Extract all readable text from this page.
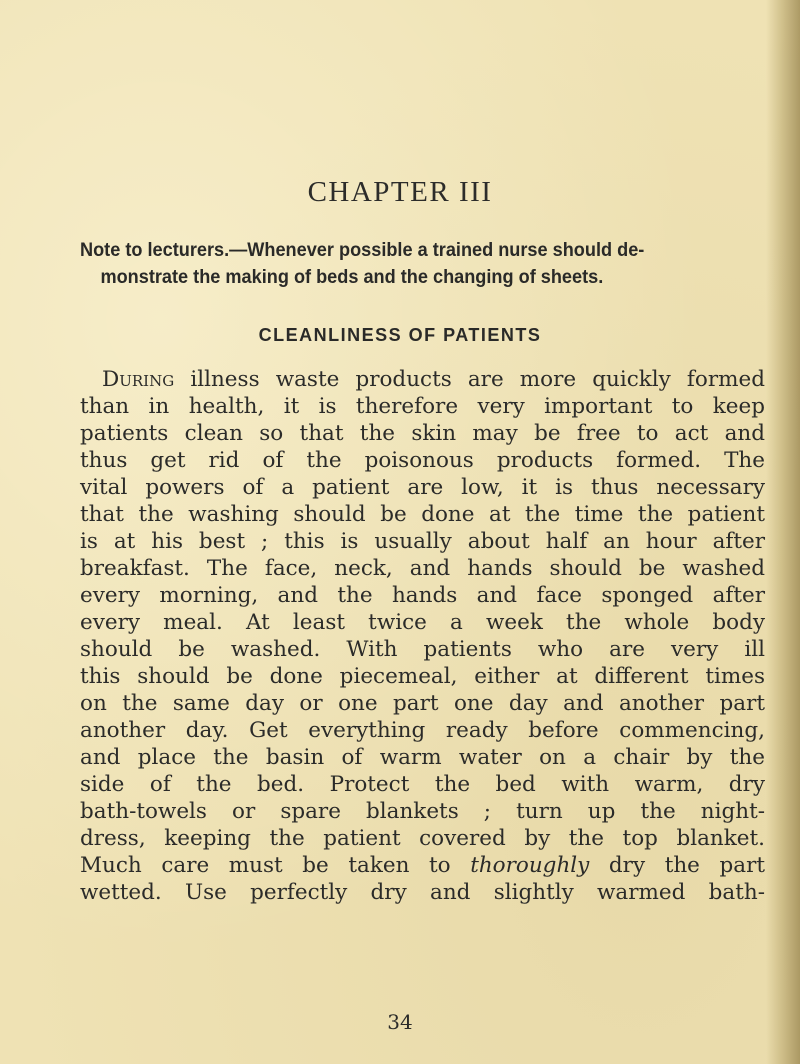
CHAPTER III
Note to lecturers.—Whenever possible a trained nurse should de-
monstrate the making of beds and the changing of sheets.
CLEANLINESS OF PATIENTS
During illness waste products are more quickly formed
than in health, it is therefore very important to keep
patients clean so that the skin may be free to act and
thus get rid of the poisonous products formed. The
vital powers of a patient are low, it is thus necessary
that the washing should be done at the time the patient
is at his best ; this is usually about half an hour after
breakfast. The face, neck, and hands should be washed
every morning, and the hands and face sponged after
every meal. At least twice a week the whole body
should be washed. With patients who are very ill
this should be done piecemeal, either at different times
on the same day or one part one day and another part
another day. Get everything ready before commencing,
and place the basin of warm water on a chair by the
side of the bed. Protect the bed with warm, dry
bath-towels or spare blankets ; turn up the night-
dress, keeping the patient covered by the top blanket.
Much care must be taken to thoroughly dry the part
wetted. Use perfectly dry and slightly warmed bath-
34
